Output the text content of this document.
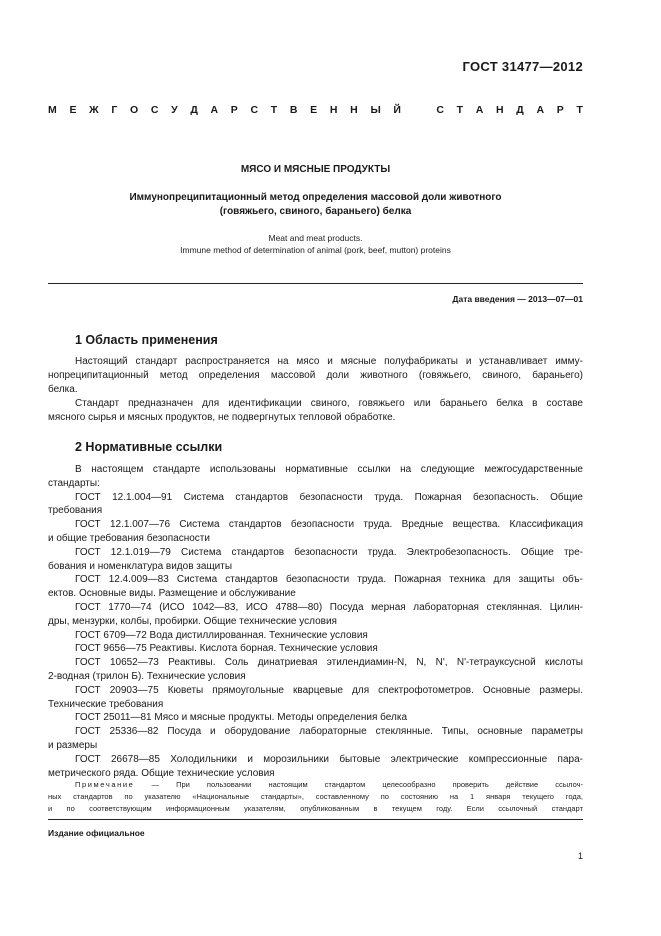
ГОСТ 31477—2012
М Е Ж Г О С У Д А Р С Т В Е Н Н Ы Й	С Т А Н Д А Р Т
МЯСО И МЯСНЫЕ ПРОДУКТЫ
Иммунопреципитационный метод определения массовой доли животного
(говяжьего, свиного, бараньего) белка
Meat and meat products.
Immune method of determination of animal (pork, beef, mutton) proteins
Дата введения — 2013—07—01
1 Область применения
Настоящий стандарт распространяется на мясо и мясные полуфабрикаты и устанавливает имму-
нопреципитационный метод определения массовой доли животного (говяжьего, свиного, бараньего)
белка.
Стандарт предназначен для идентификации свиного, говяжьего или бараньего белка в составе
мясного сырья и мясных продуктов, не подвергнутых тепловой обработке.
2 Нормативные ссылки
В настоящем стандарте использованы нормативные ссылки на следующие межгосударственные
стандарты:
ГОСТ 12.1.004—91 Система стандартов безопасности труда. Пожарная безопасность. Общие
требования
ГОСТ 12.1.007—76 Система стандартов безопасности труда. Вредные вещества. Классификация
и общие требования безопасности
ГОСТ 12.1.019—79 Система стандартов безопасности труда. Электробезопасность. Общие тре-
бования и номенклатура видов защиты
ГОСТ 12.4.009—83 Система стандартов безопасности труда. Пожарная техника для защиты объ-
ектов. Основные виды. Размещение и обслуживание
ГОСТ 1770—74 (ИСО 1042—83, ИСО 4788—80) Посуда мерная лабораторная стеклянная. Цилин-
дры, мензурки, колбы, пробирки. Общие технические условия
ГОСТ 6709—72 Вода дистиллированная. Технические условия
ГОСТ 9656—75 Реактивы. Кислота борная. Технические условия
ГОСТ 10652—73 Реактивы. Соль динатриевая этилендиамин-N, N, N', N'-тетрауксусной кислоты
2-водная (трилон Б). Технические условия
ГОСТ 20903—75 Кюветы прямоугольные кварцевые для спектрофотометров. Основные размеры.
Технические требования
ГОСТ 25011—81 Мясо и мясные продукты. Методы определения белка
ГОСТ 25336—82 Посуда и оборудование лабораторные стеклянные. Типы, основные параметры
и размеры
ГОСТ 26678—85 Холодильники и морозильники бытовые электрические компрессионные пара-
метрического ряда. Общие технические условия
Примечание — При пользовании настоящим стандартом целесообразно проверить действие ссылоч-
ных стандартов по указателю «Национальные стандарты», составленному по состоянию на 1 января текущего года,
и по соответствующим информационным указателям, опубликованным в текущем году. Если ссылочный стандарт
Издание официальное
1
